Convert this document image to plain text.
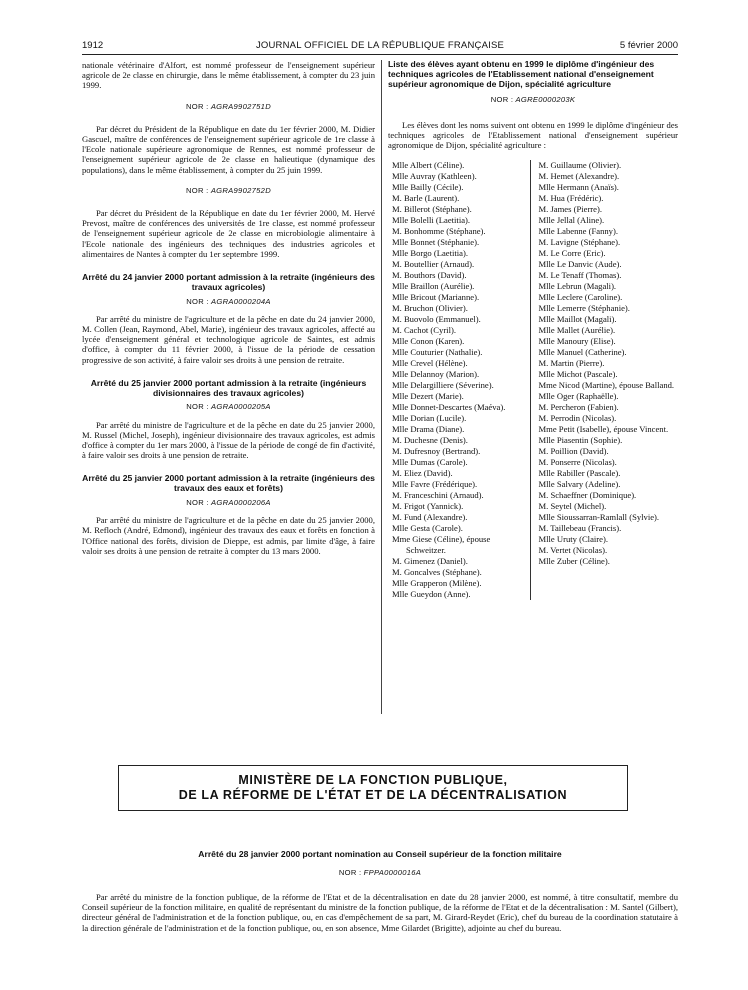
1912	JOURNAL OFFICIEL DE LA RÉPUBLIQUE FRANÇAISE	5 février 2000

nationale vétérinaire d'Alfort, est nommé professeur de l'enseignement supérieur agricole de 2e classe en chirurgie, dans le même établissement, à compter du 23 juin 1999.

NOR : AGRA9902751D

Par décret du Président de la République en date du 1er février 2000, M. Didier Gascuel, maître de conférences de l'enseignement supérieur agricole de 1re classe à l'Ecole nationale supérieure agronomique de Rennes, est nommé professeur de l'enseignement supérieur agricole de 2e classe en halieutique (dynamique des populations), dans le même établissement, à compter du 25 juin 1999.

NOR : AGRA9902752D

Par décret du Président de la République en date du 1er février 2000, M. Hervé Prevost, maître de conférences des universités de 1re classe, est nommé professeur de l'enseignement supérieur agricole de 2e classe en microbiologie alimentaire à l'Ecole nationale des ingénieurs des techniques des industries agricoles et alimentaires de Nantes à compter du 1er septembre 1999.

Arrêté du 24 janvier 2000 portant admission à la retraite (ingénieurs des travaux agricoles)
NOR : AGRA0000204A

Par arrêté du ministre de l'agriculture et de la pêche en date du 24 janvier 2000, M. Collen (Jean, Raymond, Abel, Marie), ingénieur des travaux agricoles, affecté au lycée d'enseignement général et technologique agricole de Saintes, est admis d'office, à compter du 11 février 2000, à l'issue de la période de cessation progressive de son activité, à faire valoir ses droits à une pension de retraite.

Arrêté du 25 janvier 2000 portant admission à la retraite (ingénieurs divisionnaires des travaux agricoles)
NOR : AGRA0000205A

Par arrêté du ministre de l'agriculture et de la pêche en date du 25 janvier 2000, M. Russel (Michel, Joseph), ingénieur divisionnaire des travaux agricoles, est admis d'office à compter du 1er mars 2000, à l'issue de la période de congé de fin d'activité, à faire valoir ses droits à une pension de retraite.

Arrêté du 25 janvier 2000 portant admission à la retraite (ingénieurs des travaux des eaux et forêts)
NOR : AGRA0000206A

Par arrêté du ministre de l'agriculture et de la pêche en date du 25 janvier 2000, M. Refloch (André, Edmond), ingénieur des travaux des eaux et forêts en fonction à l'Office national des forêts, division de Dieppe, est admis, par limite d'âge, à faire valoir ses droits à une pension de retraite à compter du 13 mars 2000.

Liste des élèves ayant obtenu en 1999 le diplôme d'ingénieur des techniques agricoles de l'Etablissement national d'enseignement supérieur agronomique de Dijon, spécialité agriculture
NOR : AGRE0000203K

Les élèves dont les noms suivent ont obtenu en 1999 le diplôme d'ingénieur des techniques agricoles de l'Etablissement national d'enseignement supérieur agronomique de Dijon, spécialité agriculture :

Mlle Albert (Céline).
Mlle Auvray (Kathleen).
Mlle Bailly (Cécile).
M. Barle (Laurent).
M. Billerot (Stéphane).
Mlle Bolelli (Laetitia).
M. Bonhomme (Stéphane).
Mlle Bonnet (Stéphanie).
Mlle Borgo (Laetitia).
M. Boutellier (Arnaud).
M. Bouthors (David).
Mlle Braillon (Aurélie).
Mlle Bricout (Marianne).
M. Bruchon (Olivier).
M. Buovolo (Emmanuel).
M. Cachot (Cyril).
Mlle Conon (Karen).
Mlle Couturier (Nathalie).
Mlle Crevel (Hélène).
Mlle Delannoy (Marion).
Mlle Delargilliere (Séverine).
Mlle Dezert (Marie).
Mlle Donnet-Descartes (Maéva).
Mlle Dorian (Lucile).
Mlle Drama (Diane).
M. Duchesne (Denis).
M. Dufresnoy (Bertrand).
Mlle Dumas (Carole).
M. Eliez (David).
Mlle Favre (Frédérique).
M. Franceschini (Arnaud).
M. Frigot (Yannick).
M. Fund (Alexandre).
Mlle Gesta (Carole).
Mme Giese (Céline), épouse Schweitzer.
M. Gimenez (Daniel).
M. Goncalves (Stéphane).
Mlle Grapperon (Milène).
Mlle Gueydon (Anne).
M. Guillaume (Olivier).
M. Hemet (Alexandre).
Mlle Hermann (Anaïs).
M. Hua (Frédéric).
M. James (Pierre).
Mlle Jellal (Aline).
Mlle Labenne (Fanny).
M. Lavigne (Stéphane).
M. Le Corre (Eric).
Mlle Le Danvic (Aude).
M. Le Tenaff (Thomas).
Mlle Lebrun (Magali).
Mlle Leclere (Caroline).
Mlle Lemerre (Stéphanie).
Mlle Maillot (Magali).
Mlle Mallet (Aurélie).
Mlle Manoury (Elise).
Mlle Manuel (Catherine).
M. Martin (Pierre).
Mlle Michot (Pascale).
Mme Nicod (Martine), épouse Balland.
Mlle Oger (Raphaëlle).
M. Percheron (Fabien).
M. Perrodin (Nicolas).
Mme Petit (Isabelle), épouse Vincent.
Mlle Piasentin (Sophie).
M. Poillion (David).
M. Ponserre (Nicolas).
Mlle Rabiller (Pascale).
Mlle Salvary (Adeline).
M. Schaeffner (Dominique).
M. Seytel (Michel).
Mlle Sioussarran-Ramlall (Sylvie).
M. Taillebeau (Francis).
Mlle Uruty (Claire).
M. Vertet (Nicolas).
Mlle Zuber (Céline).
MINISTÈRE DE LA FONCTION PUBLIQUE,
DE LA RÉFORME DE L'ÉTAT ET DE LA DÉCENTRALISATION
Arrêté du 28 janvier 2000 portant nomination au Conseil supérieur de la fonction militaire
NOR : FPPA0000016A

Par arrêté du ministre de la fonction publique, de la réforme de l'Etat et de la décentralisation en date du 28 janvier 2000, est nommé, à titre consultatif, membre du Conseil supérieur de la fonction militaire, en qualité de représentant du ministre de la fonction publique, de la réforme de l'Etat et de la décentralisation : M. Santel (Gilbert), directeur général de l'administration et de la fonction publique, ou, en cas d'empêchement de sa part, M. Girard-Reydet (Eric), chef du bureau de la coordination statutaire à la direction générale de l'administration et de la fonction publique, ou, en son absence, Mme Gilardet (Brigitte), adjointe au chef du bureau.
